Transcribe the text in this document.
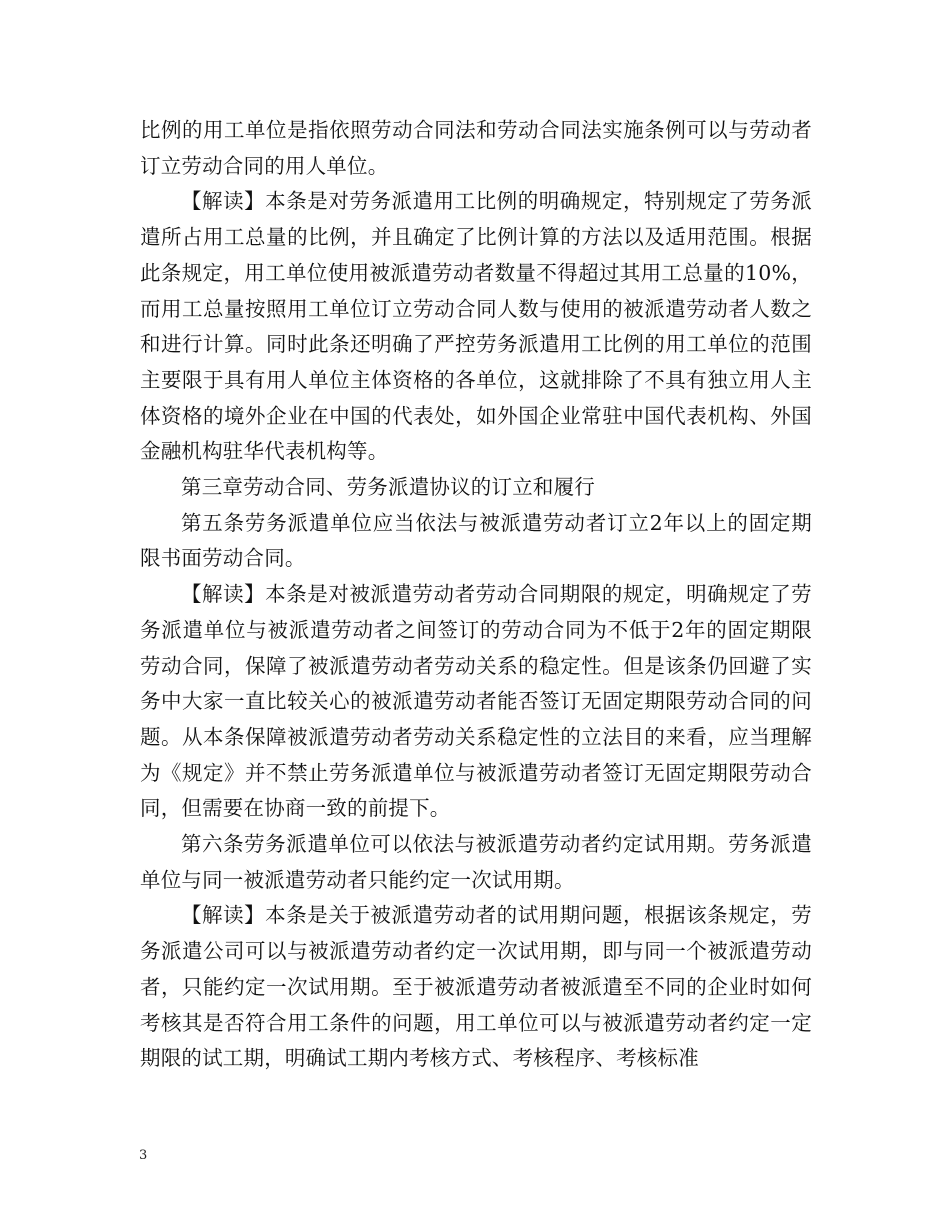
比例的用工单位是指依照劳动合同法和劳动合同法实施条例可以与劳动者订立劳动合同的用人单位。

【解读】本条是对劳务派遣用工比例的明确规定，特别规定了劳务派遣所占用工总量的比例，并且确定了比例计算的方法以及适用范围。根据此条规定，用工单位使用被派遣劳动者数量不得超过其用工总量的10%，而用工总量按照用工单位订立劳动合同人数与使用的被派遣劳动者人数之和进行计算。同时此条还明确了严控劳务派遣用工比例的用工单位的范围主要限于具有用人单位主体资格的各单位，这就排除了不具有独立用人主体资格的境外企业在中国的代表处，如外国企业常驻中国代表机构、外国金融机构驻华代表机构等。

第三章劳动合同、劳务派遣协议的订立和履行

第五条劳务派遣单位应当依法与被派遣劳动者订立2年以上的固定期限书面劳动合同。

【解读】本条是对被派遣劳动者劳动合同期限的规定，明确规定了劳务派遣单位与被派遣劳动者之间签订的劳动合同为不低于2年的固定期限劳动合同，保障了被派遣劳动者劳动关系的稳定性。但是该条仍回避了实务中大家一直比较关心的被派遣劳动者能否签订无固定期限劳动合同的问题。从本条保障被派遣劳动者劳动关系稳定性的立法目的来看，应当理解为《规定》并不禁止劳务派遣单位与被派遣劳动者签订无固定期限劳动合同，但需要在协商一致的前提下。

第六条劳务派遣单位可以依法与被派遣劳动者约定试用期。劳务派遣单位与同一被派遣劳动者只能约定一次试用期。

【解读】本条是关于被派遣劳动者的试用期问题，根据该条规定，劳务派遣公司可以与被派遣劳动者约定一次试用期，即与同一个被派遣劳动者，只能约定一次试用期。至于被派遣劳动者被派遣至不同的企业时如何考核其是否符合用工条件的问题，用工单位可以与被派遣劳动者约定一定期限的试工期，明确试工期内考核方式、考核程序、考核标准

3
